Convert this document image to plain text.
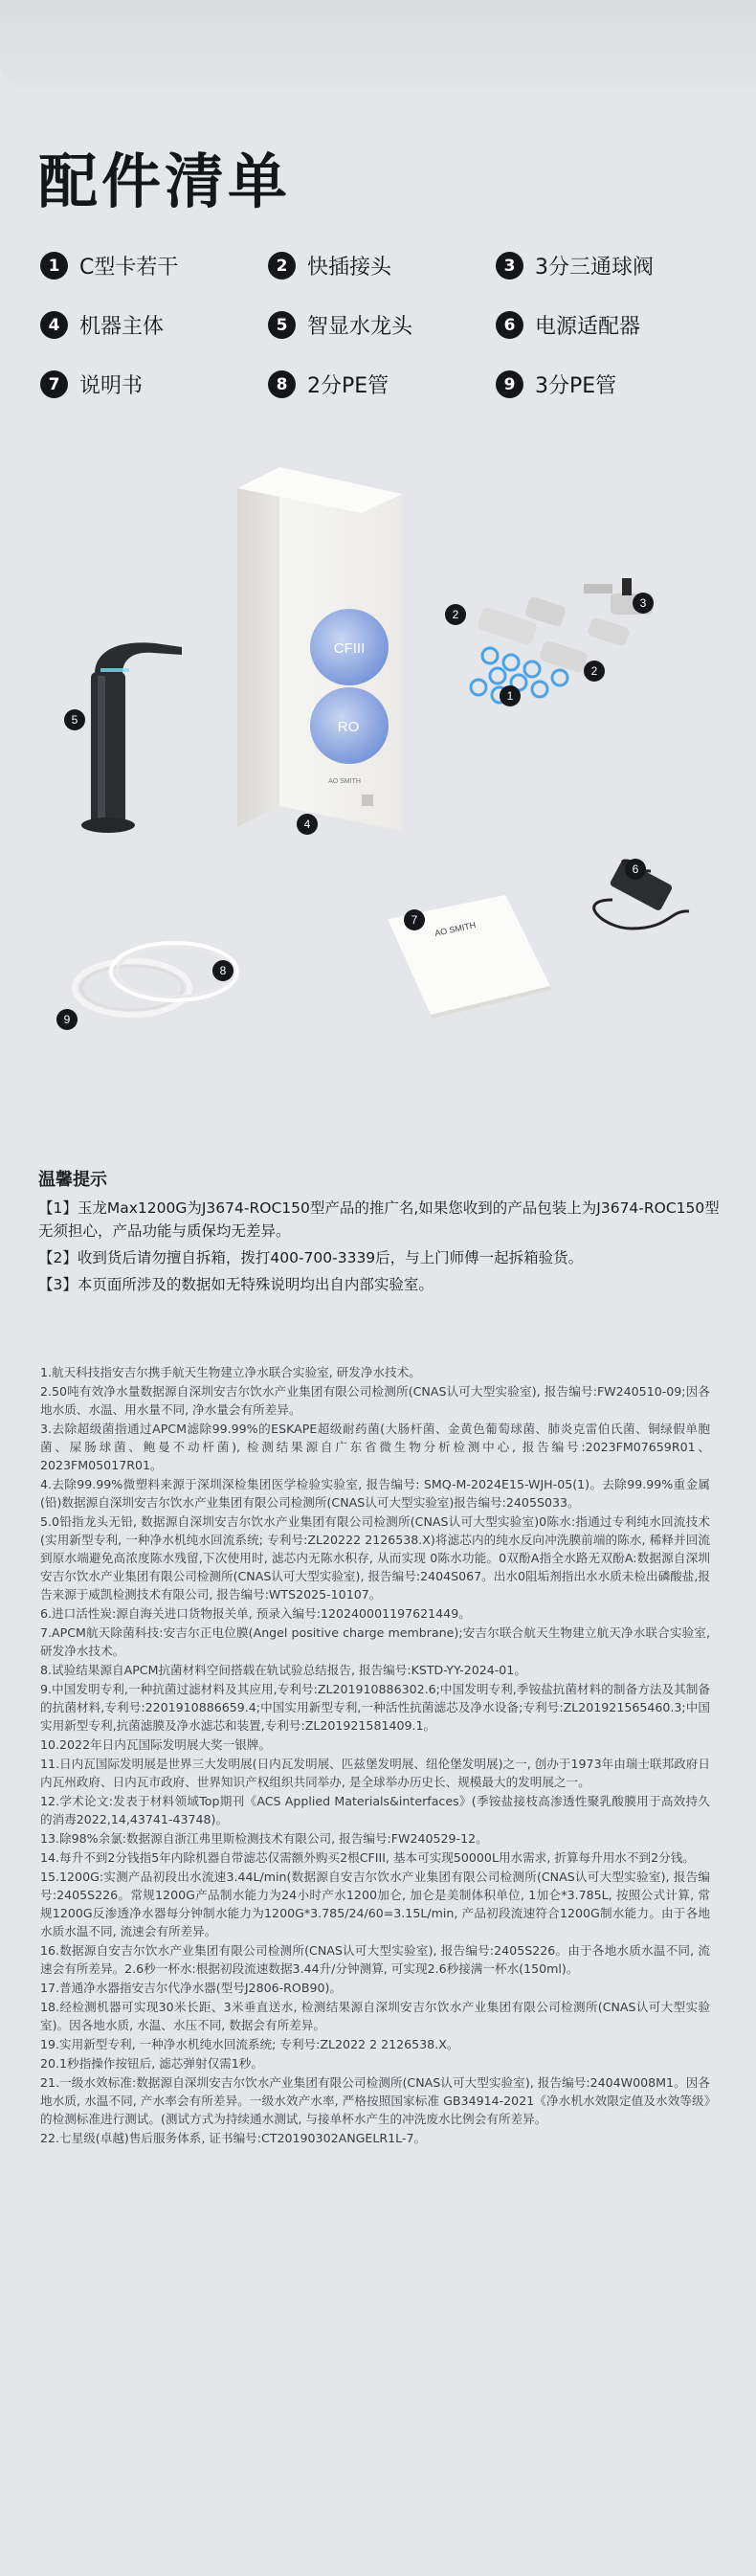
配件清单
1 C型卡若干	2 快插接头	3 3分三通球阀
4 机器主体	5 智显水龙头	6 电源适配器
7 说明书	8 2分PE管	9 3分PE管
CFIII
RO
AO SMITH
AO SMITH
2
3
2
1
5
4
6
7
8
9
温馨提示

【1】玉龙Max1200G为J3674-ROC150型产品的推广名,如果您收到的产品包装上为J3674-ROC150型无须担心，产品功能与质保均无差异。

【2】收到货后请勿擅自拆箱，拨打400-700-3339后，与上门师傅一起拆箱验货。

【3】本页面所涉及的数据如无特殊说明均出自内部实验室。

1.航天科技指安吉尔携手航天生物建立净水联合实验室, 研发净水技术。

2.50吨有效净水量数据源自深圳安吉尔饮水产业集团有限公司检测所(CNAS认可大型实验室), 报告编号:FW240510-09;因各地水质、水温、用水量不同, 净水量会有所差异。

3.去除超级菌指通过APCM滤除99.99%的ESKAPE超级耐药菌(大肠杆菌、金黄色葡萄球菌、肺炎克雷伯氏菌、铜绿假单胞菌、屎肠球菌、鲍曼不动杆菌), 检测结果源自广东省微生物分析检测中心, 报告编号:2023FM07659R01、2023FM05017R01。

4.去除99.99%微塑料来源于深圳深检集团医学检验实验室, 报告编号: SMQ-M-2024E15-WJH-05(1)。去除99.99%重金属(铅)数据源自深圳安吉尔饮水产业集团有限公司检测所(CNAS认可大型实验室)报告编号:2405S033。

5.0铅指龙头无铅, 数据源自深圳安吉尔饮水产业集团有限公司检测所(CNAS认可大型实验室)0陈水:指通过专利纯水回流技术(实用新型专利, 一种净水机纯水回流系统; 专利号:ZL20222 2126538.X)将滤芯内的纯水反向冲洗膜前端的陈水, 稀释并回流到原水端避免高浓度陈水残留,下次使用时, 滤芯内无陈水积存, 从而实现 0陈水功能。0双酚A指全水路无双酚A:数据源自深圳安吉尔饮水产业集团有限公司检测所(CNAS认可大型实验室), 报告编号:2404S067。出水0阻垢剂指出水水质未检出磷酸盐,报告来源于威凯检测技术有限公司, 报告编号:WTS2025-10107。

6.进口活性炭:源自海关进口货物报关单, 预录入编号:120240001197621449。

7.APCM航天除菌科技:安吉尔正电位膜(Angel positive charge membrane);安吉尔联合航天生物建立航天净水联合实验室, 研发净水技术。

8.试验结果源自APCM抗菌材料空间搭载在轨试验总结报告, 报告编号:KSTD-YY-2024-01。

9.中国发明专利,一种抗菌过滤材料及其应用,专利号:ZL201910886302.6;中国发明专利,季铵盐抗菌材料的制备方法及其制备的抗菌材料,专利号:2201910886659.4;中国实用新型专利,一种活性抗菌滤芯及净水设备;专利号:ZL201921565460.3;中国实用新型专利,抗菌滤膜及净水滤芯和装置,专利号:ZL201921581409.1。

10.2022年日内瓦国际发明展大奖一银牌。

11.日内瓦国际发明展是世界三大发明展(日内瓦发明展、匹兹堡发明展、纽伦堡发明展)之一, 创办于1973年由瑞士联邦政府日内瓦州政府、日内瓦市政府、世界知识产权组织共同举办, 是全球举办历史长、规模最大的发明展之一。

12.学术论文:发表于材料领域Top期刊《ACS Applied Materials&interfaces》(季铵盐接枝高渗透性聚乳酸膜用于高效持久的消毒2022,14,43741-43748)。

13.除98%余氯:数据源自浙江弗里斯检测技术有限公司, 报告编号:FW240529-12。

14.每升不到2分钱指5年内除机器自带滤芯仅需额外购买2根CFIII, 基本可实现50000L用水需求, 折算每升用水不到2分钱。

15.1200G:实测产品初段出水流速3.44L/min(数据源自安吉尔饮水产业集团有限公司检测所(CNAS认可大型实验室), 报告编号:2405S226。常规1200G产品制水能力为24小时产水1200加仑, 加仑是美制体积单位, 1加仑*3.785L, 按照公式计算, 常规1200G反渗透净水器每分钟制水能力为1200G*3.785/24/60=3.15L/min, 产品初段流速符合1200G制水能力。由于各地水质水温不同, 流速会有所差异。

16.数据源自安吉尔饮水产业集团有限公司检测所(CNAS认可大型实验室), 报告编号:2405S226。由于各地水质水温不同, 流速会有所差异。2.6秒一杯水:根据初段流速数据3.44升/分钟测算, 可实现2.6秒接满一杯水(150ml)。

17.普通净水器指安吉尔代净水器(型号J2806-ROB90)。

18.经检测机器可实现30米长距、3米垂直送水, 检测结果源自深圳安吉尔饮水产业集团有限公司检测所(CNAS认可大型实验室)。因各地水质, 水温、水压不同, 数据会有所差异。

19.实用新型专利, 一种净水机纯水回流系统; 专利号:ZL2022 2 2126538.X。

20.1秒指操作按钮后, 滤芯弹射仅需1秒。

21.一级水效标准:数据源自深圳安吉尔饮水产业集团有限公司检测所(CNAS认可大型实验室), 报告编号:2404W008M1。因各地水质, 水温不同, 产水率会有所差异。一级水效产水率, 严格按照国家标准 GB34914-2021《净水机水效限定值及水效等级》的检测标准进行测试。(测试方式为持续通水测试, 与接单杯水产生的冲洗废水比例会有所差异。

22.七星级(卓越)售后服务体系, 证书编号:CT20190302ANGELR1L-7。
